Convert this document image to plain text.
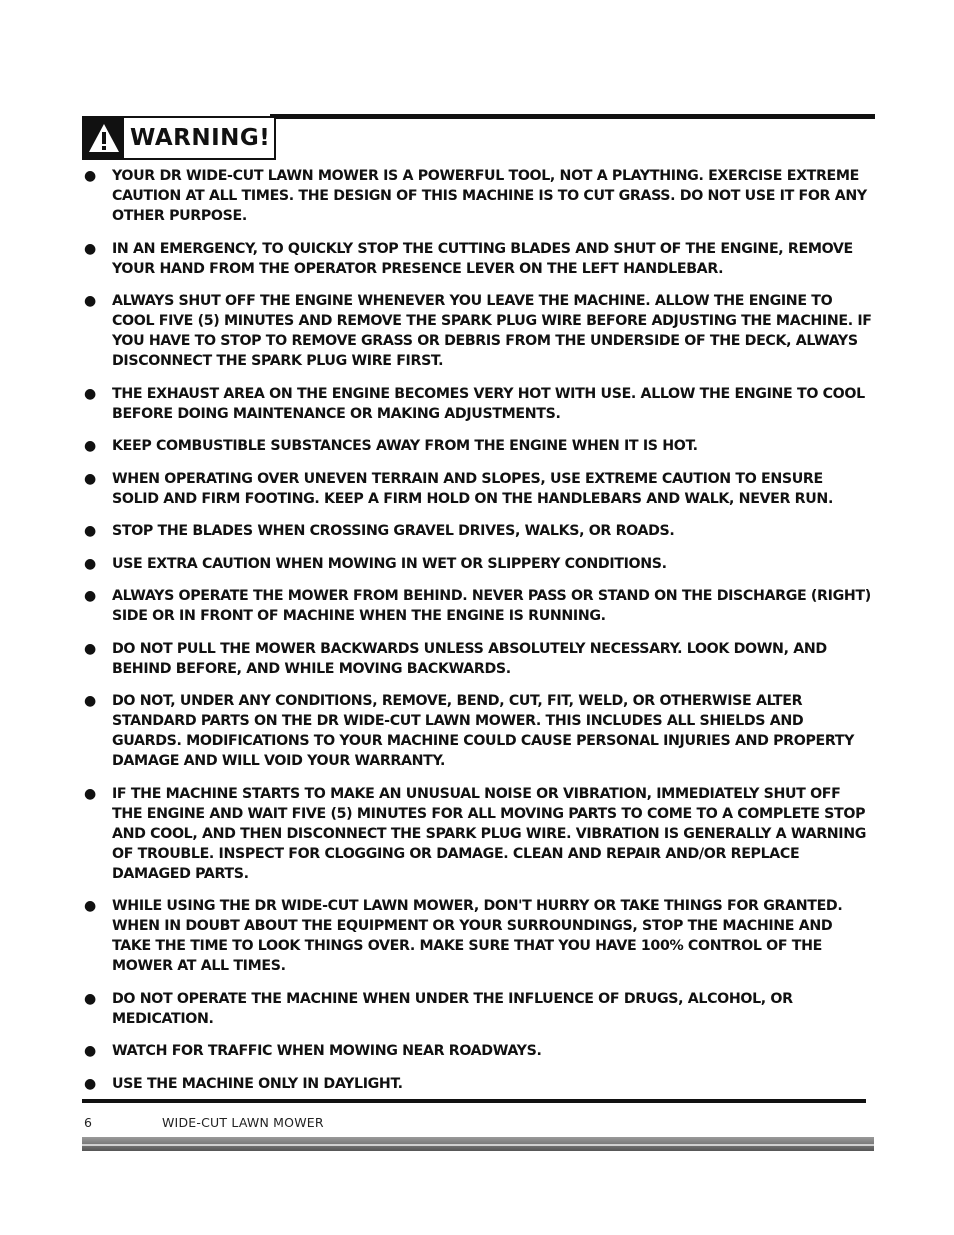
WARNING!
● YOUR DR WIDE-CUT LAWN MOWER IS A POWERFUL TOOL, NOT A PLAYTHING. EXERCISE EXTREME CAUTION AT ALL TIMES. THE DESIGN OF THIS MACHINE IS TO CUT GRASS. DO NOT USE IT FOR ANY OTHER PURPOSE.
● IN AN EMERGENCY, TO QUICKLY STOP THE CUTTING BLADES AND SHUT OF THE ENGINE, REMOVE YOUR HAND FROM THE OPERATOR PRESENCE LEVER ON THE LEFT HANDLEBAR.
● ALWAYS SHUT OFF THE ENGINE WHENEVER YOU LEAVE THE MACHINE. ALLOW THE ENGINE TO COOL FIVE (5) MINUTES AND REMOVE THE SPARK PLUG WIRE BEFORE ADJUSTING THE MACHINE. IF YOU HAVE TO STOP TO REMOVE GRASS OR DEBRIS FROM THE UNDERSIDE OF THE DECK, ALWAYS DISCONNECT THE SPARK PLUG WIRE FIRST.
● THE EXHAUST AREA ON THE ENGINE BECOMES VERY HOT WITH USE. ALLOW THE ENGINE TO COOL BEFORE DOING MAINTENANCE OR MAKING ADJUSTMENTS.
● KEEP COMBUSTIBLE SUBSTANCES AWAY FROM THE ENGINE WHEN IT IS HOT.
● WHEN OPERATING OVER UNEVEN TERRAIN AND SLOPES, USE EXTREME CAUTION TO ENSURE SOLID AND FIRM FOOTING. KEEP A FIRM HOLD ON THE HANDLEBARS AND WALK, NEVER RUN.
● STOP THE BLADES WHEN CROSSING GRAVEL DRIVES, WALKS, OR ROADS.
● USE EXTRA CAUTION WHEN MOWING IN WET OR SLIPPERY CONDITIONS.
● ALWAYS OPERATE THE MOWER FROM BEHIND. NEVER PASS OR STAND ON THE DISCHARGE (RIGHT) SIDE OR IN FRONT OF MACHINE WHEN THE ENGINE IS RUNNING.
● DO NOT PULL THE MOWER BACKWARDS UNLESS ABSOLUTELY NECESSARY. LOOK DOWN, AND BEHIND BEFORE, AND WHILE MOVING BACKWARDS.
● DO NOT, UNDER ANY CONDITIONS, REMOVE, BEND, CUT, FIT, WELD, OR OTHERWISE ALTER STANDARD PARTS ON THE DR WIDE-CUT LAWN MOWER. THIS INCLUDES ALL SHIELDS AND GUARDS. MODIFICATIONS TO YOUR MACHINE COULD CAUSE PERSONAL INJURIES AND PROPERTY DAMAGE AND WILL VOID YOUR WARRANTY.
● IF THE MACHINE STARTS TO MAKE AN UNUSUAL NOISE OR VIBRATION, IMMEDIATELY SHUT OFF THE ENGINE AND WAIT FIVE (5) MINUTES FOR ALL MOVING PARTS TO COME TO A COMPLETE STOP AND COOL, AND THEN DISCONNECT THE SPARK PLUG WIRE. VIBRATION IS GENERALLY A WARNING OF TROUBLE. INSPECT FOR CLOGGING OR DAMAGE. CLEAN AND REPAIR AND/OR REPLACE DAMAGED PARTS.
● WHILE USING THE DR WIDE-CUT LAWN MOWER, DON'T HURRY OR TAKE THINGS FOR GRANTED. WHEN IN DOUBT ABOUT THE EQUIPMENT OR YOUR SURROUNDINGS, STOP THE MACHINE AND TAKE THE TIME TO LOOK THINGS OVER. MAKE SURE THAT YOU HAVE 100% CONTROL OF THE MOWER AT ALL TIMES.
● DO NOT OPERATE THE MACHINE WHEN UNDER THE INFLUENCE OF DRUGS, ALCOHOL, OR MEDICATION.
● WATCH FOR TRAFFIC WHEN MOWING NEAR ROADWAYS.
● USE THE MACHINE ONLY IN DAYLIGHT.
6	WIDE-CUT LAWN MOWER
